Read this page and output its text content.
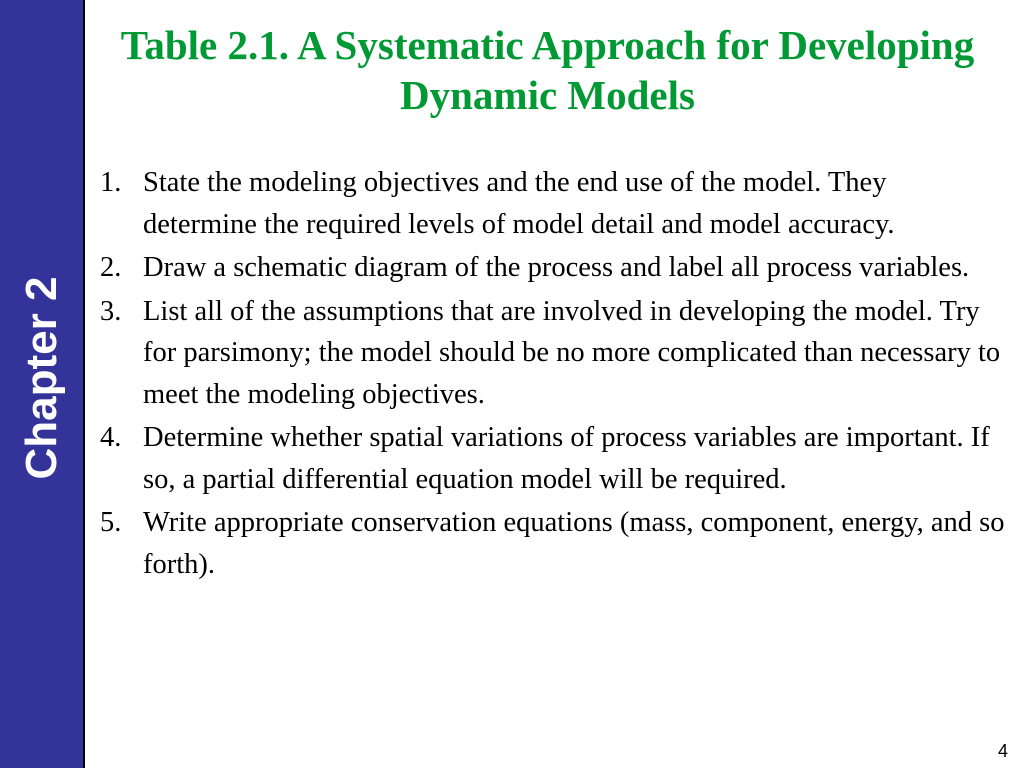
Chapter 2
Table 2.1. A Systematic Approach for Developing Dynamic Models
1. State the modeling objectives and the end use of the model. They determine the required levels of model detail and model accuracy.
2. Draw a schematic diagram of the process and label all process variables.
3. List all of the assumptions that are involved in developing the model. Try for parsimony; the model should be no more complicated than necessary to meet the modeling objectives.
4. Determine whether spatial variations of process variables are important. If so, a partial differential equation model will be required.
5. Write appropriate conservation equations (mass, component, energy, and so forth).
4
